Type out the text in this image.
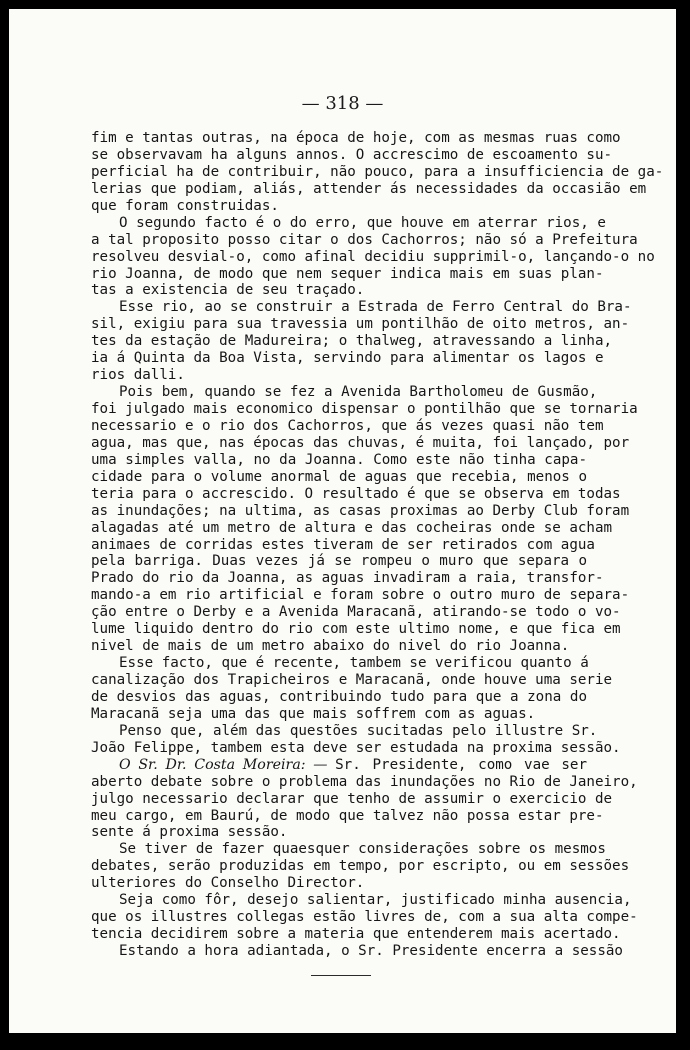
— 318 —

fim e tantas outras, na época de hoje, com as mesmas ruas como

se observavam ha alguns annos. O accrescimo de escoamento su-

perficial ha de contribuir, não pouco, para a insufficiencia de ga-

lerias que podiam, aliás, attender ás necessidades da occasião em

que foram construidas.

O segundo facto é o do erro, que houve em aterrar rios, e

a tal proposito posso citar o dos Cachorros; não só a Prefeitura

resolveu desvial-o, como afinal decidiu supprimil-o, lançando-o no

rio Joanna, de modo que nem sequer indica mais em suas plan-

tas a existencia de seu traçado.

Esse rio, ao se construir a Estrada de Ferro Central do Bra-

sil, exigiu para sua travessia um pontilhão de oito metros, an-

tes da estação de Madureira; o thalweg, atravessando a linha,

ia á Quinta da Boa Vista, servindo para alimentar os lagos e

rios dalli.

Pois bem, quando se fez a Avenida Bartholomeu de Gusmão,

foi julgado mais economico dispensar o pontilhão que se tornaria

necessario e o rio dos Cachorros, que ás vezes quasi não tem

agua, mas que, nas épocas das chuvas, é muita, foi lançado, por

uma simples valla, no da Joanna. Como este não tinha capa-

cidade para o volume anormal de aguas que recebia, menos o

teria para o accrescido. O resultado é que se observa em todas

as inundações; na ultima, as casas proximas ao Derby Club foram

alagadas até um metro de altura e das cocheiras onde se acham

animaes de corridas estes tiveram de ser retirados com agua

pela barriga. Duas vezes já se rompeu o muro que separa o

Prado do rio da Joanna, as aguas invadiram a raia, transfor-

mando-a em rio artificial e foram sobre o outro muro de separa-

ção entre o Derby e a Avenida Maracanã, atirando-se todo o vo-

lume liquido dentro do rio com este ultimo nome, e que fica em

nivel de mais de um metro abaixo do nivel do rio Joanna.

Esse facto, que é recente, tambem se verificou quanto á

canalização dos Trapicheiros e Maracanã, onde houve uma serie

de desvios das aguas, contribuindo tudo para que a zona do

Maracanã seja uma das que mais soffrem com as aguas.

Penso que, além das questões sucitadas pelo illustre Sr.

João Felippe, tambem esta deve ser estudada na proxima sessão.

O Sr. Dr. Costa Moreira: — Sr. Presidente, como vae ser

aberto debate sobre o problema das inundações no Rio de Janeiro,

julgo necessario declarar que tenho de assumir o exercicio de

meu cargo, em Baurú, de modo que talvez não possa estar pre-

sente á proxima sessão.

Se tiver de fazer quaesquer considerações sobre os mesmos

debates, serão produzidas em tempo, por escripto, ou em sessões

ulteriores do Conselho Director.

Seja como fôr, desejo salientar, justificado minha ausencia,

que os illustres collegas estão livres de, com a sua alta compe-

tencia decidirem sobre a materia que entenderem mais acertado.

Estando a hora adiantada, o Sr. Presidente encerra a sessão
